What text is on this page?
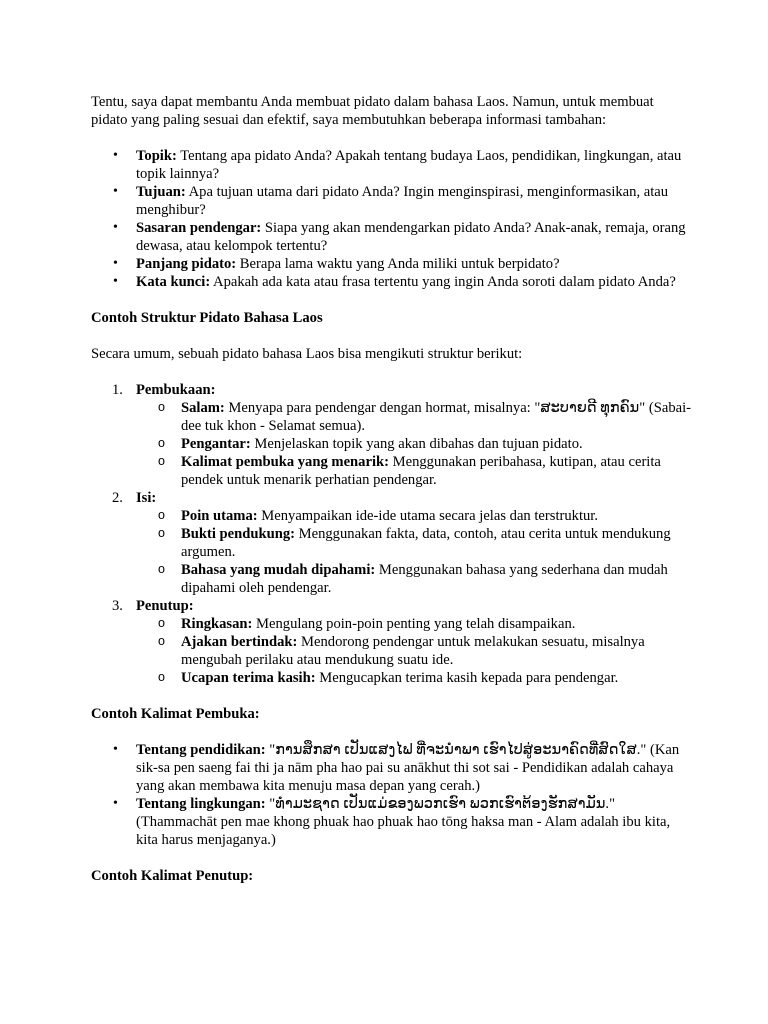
Tentu, saya dapat membantu Anda membuat pidato dalam bahasa Laos. Namun, untuk membuat pidato yang paling sesuai dan efektif, saya membutuhkan beberapa informasi tambahan:

• Topik: Tentang apa pidato Anda? Apakah tentang budaya Laos, pendidikan, lingkungan, atau topik lainnya?
• Tujuan: Apa tujuan utama dari pidato Anda? Ingin menginspirasi, menginformasikan, atau menghibur?
• Sasaran pendengar: Siapa yang akan mendengarkan pidato Anda? Anak-anak, remaja, orang dewasa, atau kelompok tertentu?
• Panjang pidato: Berapa lama waktu yang Anda miliki untuk berpidato?
• Kata kunci: Apakah ada kata atau frasa tertentu yang ingin Anda soroti dalam pidato Anda?

Contoh Struktur Pidato Bahasa Laos

Secara umum, sebuah pidato bahasa Laos bisa mengikuti struktur berikut:

1. Pembukaan:
o Salam: Menyapa para pendengar dengan hormat, misalnya: "ສະບາຍດີ ທຸກຄົນ" (Sabai-dee tuk khon - Selamat semua).
o Pengantar: Menjelaskan topik yang akan dibahas dan tujuan pidato.
o Kalimat pembuka yang menarik: Menggunakan peribahasa, kutipan, atau cerita pendek untuk menarik perhatian pendengar.
2. Isi:
o Poin utama: Menyampaikan ide-ide utama secara jelas dan terstruktur.
o Bukti pendukung: Menggunakan fakta, data, contoh, atau cerita untuk mendukung argumen.
o Bahasa yang mudah dipahami: Menggunakan bahasa yang sederhana dan mudah dipahami oleh pendengar.
3. Penutup:
o Ringkasan: Mengulang poin-poin penting yang telah disampaikan.
o Ajakan bertindak: Mendorong pendengar untuk melakukan sesuatu, misalnya mengubah perilaku atau mendukung suatu ide.
o Ucapan terima kasih: Mengucapkan terima kasih kepada para pendengar.

Contoh Kalimat Pembuka:

• Tentang pendidikan: "ການສຶກສາ ເປັນແສງໄຟ ທີ່ຈະນຳພາ ເຮົາໄປສູ່ອະນາຄົດທີ່ສົດໃສ." (Kan sik-sa pen saeng fai thi ja nām pha hao pai su anākhut thi sot sai - Pendidikan adalah cahaya yang akan membawa kita menuju masa depan yang cerah.)
• Tentang lingkungan: "ທຳມະຊາດ ເປັນແມ່ຂອງພວກເຮົາ ພວກເຮົາຕ້ອງຮັກສາມັນ." (Thammachāt pen mae khong phuak hao phuak hao tōng haksa man - Alam adalah ibu kita, kita harus menjaganya.)

Contoh Kalimat Penutup:
